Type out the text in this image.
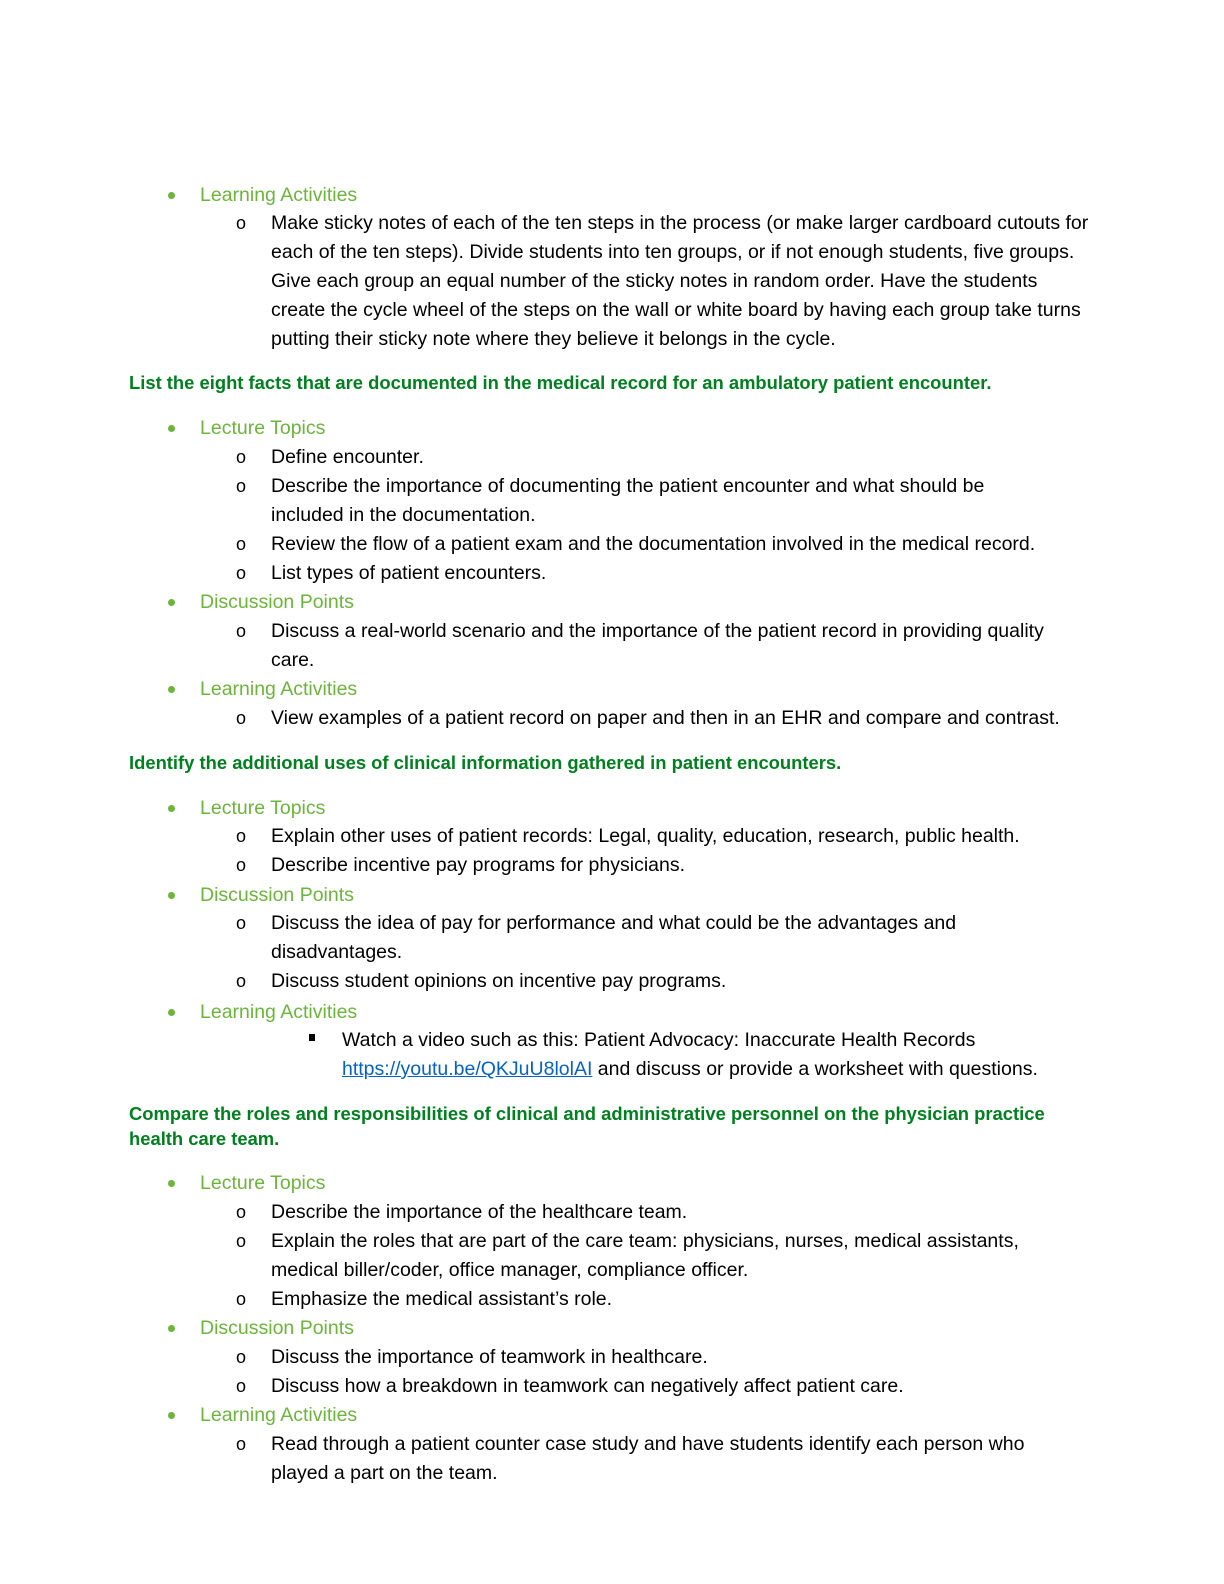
Learning Activities
o Make sticky notes of each of the ten steps in the process (or make larger cardboard cutouts for each of the ten steps). Divide students into ten groups, or if not enough students, five groups. Give each group an equal number of the sticky notes in random order. Have the students create the cycle wheel of the steps on the wall or white board by having each group take turns putting their sticky note where they believe it belongs in the cycle.
List the eight facts that are documented in the medical record for an ambulatory patient encounter.
Lecture Topics
o Define encounter.
o Describe the importance of documenting the patient encounter and what should be included in the documentation.
o Review the flow of a patient exam and the documentation involved in the medical record.
o List types of patient encounters.
Discussion Points
o Discuss a real-world scenario and the importance of the patient record in providing quality care.
Learning Activities
o View examples of a patient record on paper and then in an EHR and compare and contrast.
Identify the additional uses of clinical information gathered in patient encounters.
Lecture Topics
o Explain other uses of patient records: Legal, quality, education, research, public health.
o Describe incentive pay programs for physicians.
Discussion Points
o Discuss the idea of pay for performance and what could be the advantages and disadvantages.
o Discuss student opinions on incentive pay programs.
Learning Activities
Watch a video such as this: Patient Advocacy: Inaccurate Health Records https://youtu.be/QKJuU8lolAI and discuss or provide a worksheet with questions.
Compare the roles and responsibilities of clinical and administrative personnel on the physician practice health care team.
Lecture Topics
o Describe the importance of the healthcare team.
o Explain the roles that are part of the care team: physicians, nurses, medical assistants, medical biller/coder, office manager, compliance officer.
o Emphasize the medical assistant’s role.
Discussion Points
o Discuss the importance of teamwork in healthcare.
o Discuss how a breakdown in teamwork can negatively affect patient care.
Learning Activities
o Read through a patient counter case study and have students identify each person who played a part on the team.
